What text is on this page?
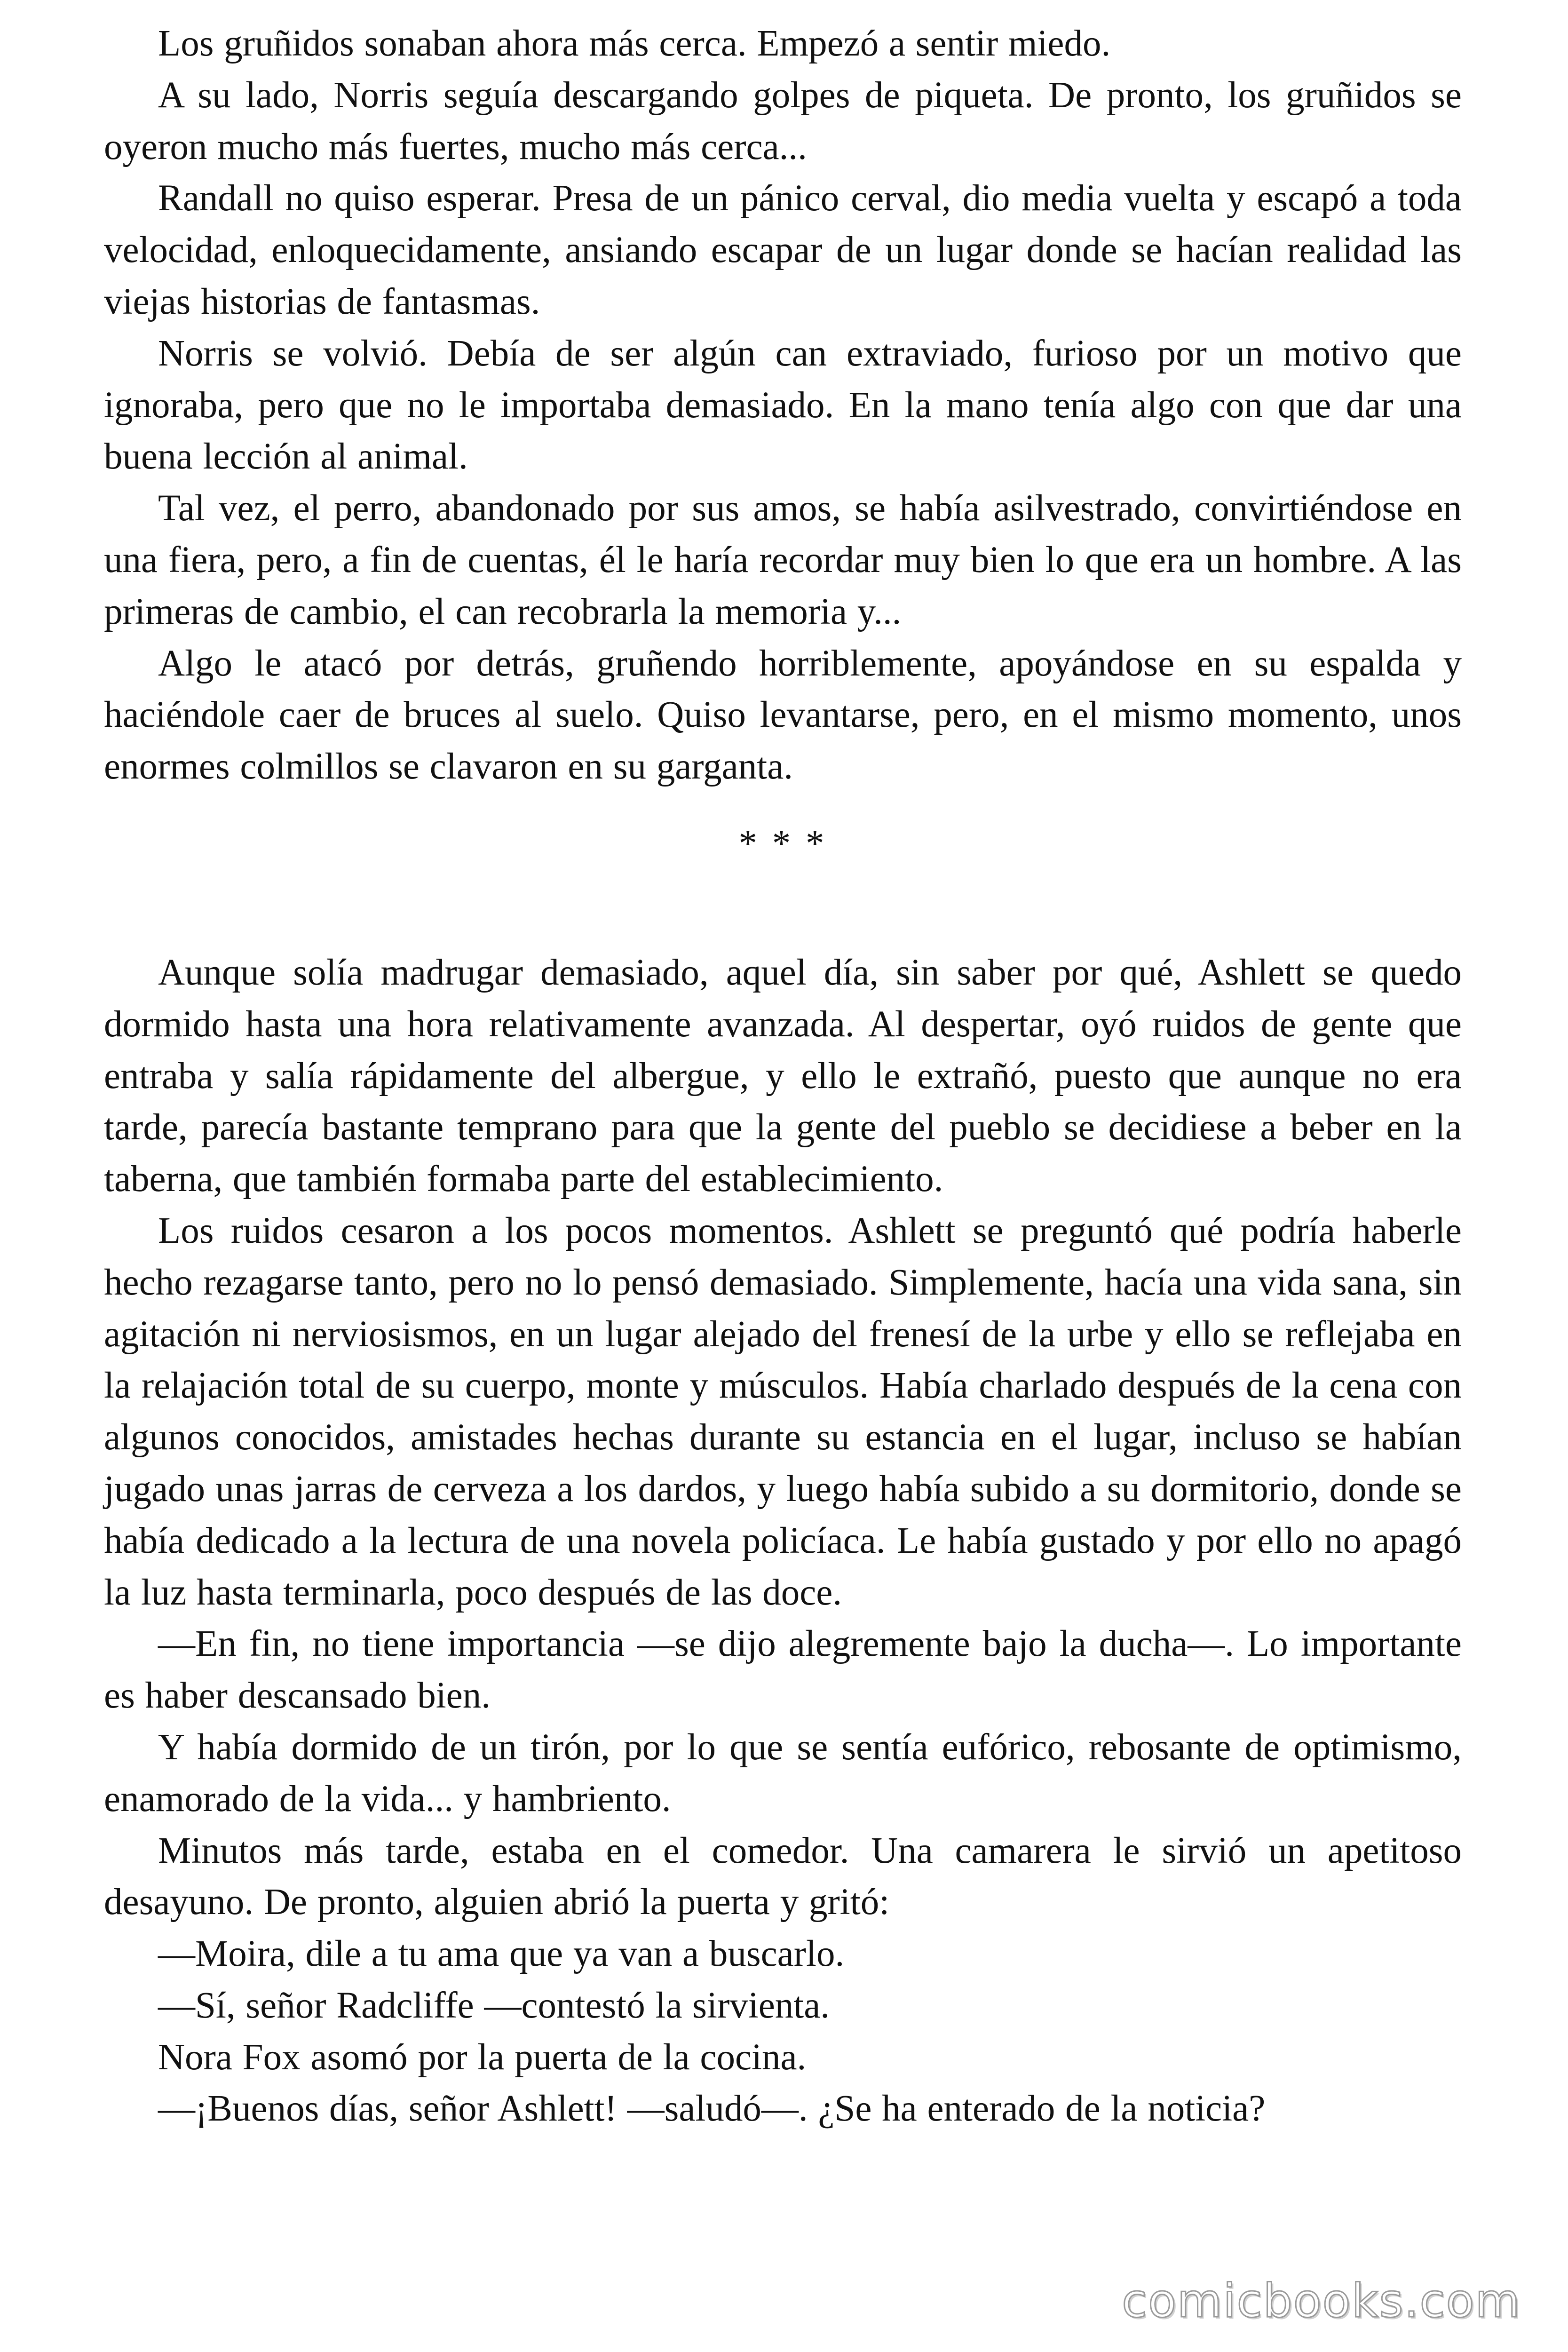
Los gruñidos sonaban ahora más cerca. Empezó a sentir miedo.

A su lado, Norris seguía descargando golpes de piqueta. De pronto, los gruñidos se oyeron mucho más fuertes, mucho más cerca...

Randall no quiso esperar. Presa de un pánico cerval, dio media vuelta y escapó a toda velocidad, enloquecidamente, ansiando escapar de un lugar donde se hacían realidad las viejas historias de fantasmas.

Norris se volvió. Debía de ser algún can extraviado, furioso por un motivo que ignoraba, pero que no le importaba demasiado. En la mano tenía algo con que dar una buena lección al animal.

Tal vez, el perro, abandonado por sus amos, se había asilvestrado, convirtiéndose en una fiera, pero, a fin de cuentas, él le haría recordar muy bien lo que era un hombre. A las primeras de cambio, el can recobrarla la memoria y...

Algo le atacó por detrás, gruñendo horriblemente, apoyándose en su espalda y haciéndole caer de bruces al suelo. Quiso levantarse, pero, en el mismo momento, unos enormes colmillos se clavaron en su garganta.

* * *

Aunque solía madrugar demasiado, aquel día, sin saber por qué, Ashlett se quedo dormido hasta una hora relativamente avanzada. Al despertar, oyó ruidos de gente que entraba y salía rápidamente del albergue, y ello le extrañó, puesto que aunque no era tarde, parecía bastante temprano para que la gente del pueblo se decidiese a beber en la taberna, que también formaba parte del establecimiento.

Los ruidos cesaron a los pocos momentos. Ashlett se preguntó qué podría haberle hecho rezagarse tanto, pero no lo pensó demasiado. Simplemente, hacía una vida sana, sin agitación ni nerviosismos, en un lugar alejado del frenesí de la urbe y ello se reflejaba en la relajación total de su cuerpo, monte y músculos. Había charlado después de la cena con algunos conocidos, amistades hechas durante su estancia en el lugar, incluso se habían jugado unas jarras de cerveza a los dardos, y luego había subido a su dormitorio, donde se había dedicado a la lectura de una novela policíaca. Le había gustado y por ello no apagó la luz hasta terminarla, poco después de las doce.

—En fin, no tiene importancia —se dijo alegremente bajo la ducha—. Lo importante es haber descansado bien.

Y había dormido de un tirón, por lo que se sentía eufórico, rebosante de optimismo, enamorado de la vida... y hambriento.

Minutos más tarde, estaba en el comedor. Una camarera le sirvió un apetitoso desayuno. De pronto, alguien abrió la puerta y gritó:

—Moira, dile a tu ama que ya van a buscarlo.

—Sí, señor Radcliffe —contestó la sirvienta.

Nora Fox asomó por la puerta de la cocina.

—¡Buenos días, señor Ashlett! —saludó—. ¿Se ha enterado de la noticia?

comicbooks.com
